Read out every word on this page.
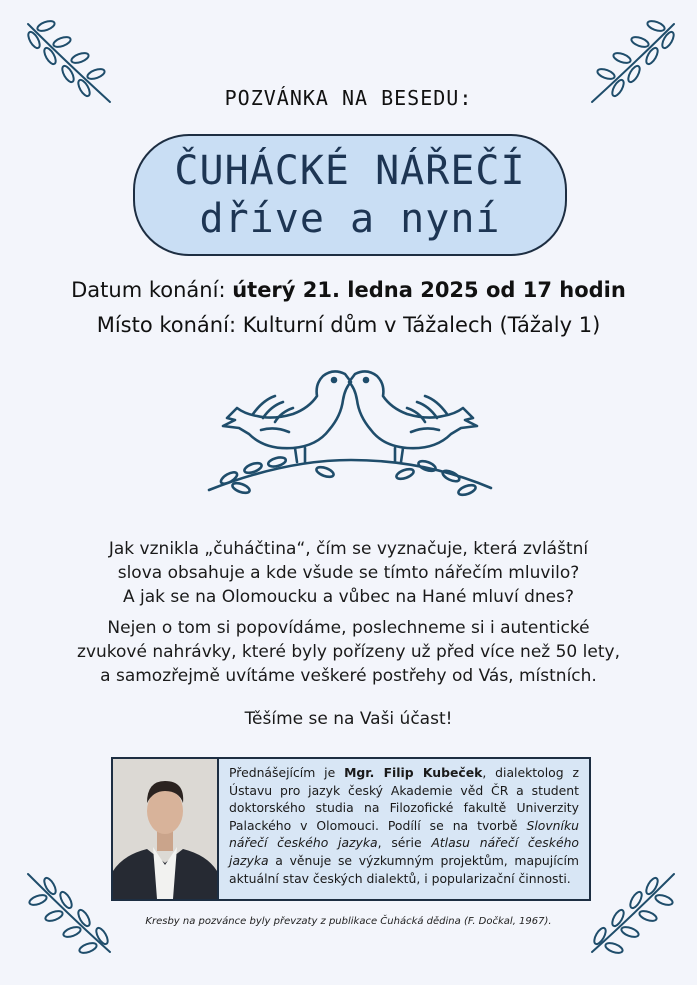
POZVÁNKA NA BESEDU:
ČUHÁCKÉ NÁŘEČÍ
dříve a nyní
Datum konání: úterý 21. ledna 2025 od 17 hodin
Místo konání: Kulturní dům v Tážalech (Tážaly 1)
Jak vznikla „čuháčtina“, čím se vyznačuje, která zvláštní
slova obsahuje a kde všude se tímto nářečím mluvilo?
A jak se na Olomoucku a vůbec na Hané mluví dnes?
Nejen o tom si popovídáme, poslechneme si i autentické
zvukové nahrávky, které byly pořízeny už před více než 50 lety,
a samozřejmě uvítáme veškeré postřehy od Vás, místních.
Těšíme se na Vaši účast!
Přednášejícím je Mgr. Filip Kubeček, dialektolog z Ústavu pro jazyk český Akademie věd ČR a student doktorského studia na Filozofické fakultě Univerzity Palackého v Olomouci. Podílí se na tvorbě Slovníku nářečí českého jazyka, série Atlasu nářečí českého jazyka a věnuje se výzkumným projektům, mapujícím aktuální stav českých dialektů, i popularizační činnosti.
Kresby na pozvánce byly převzaty z publikace Čuhácká dědina (F. Dočkal, 1967).
